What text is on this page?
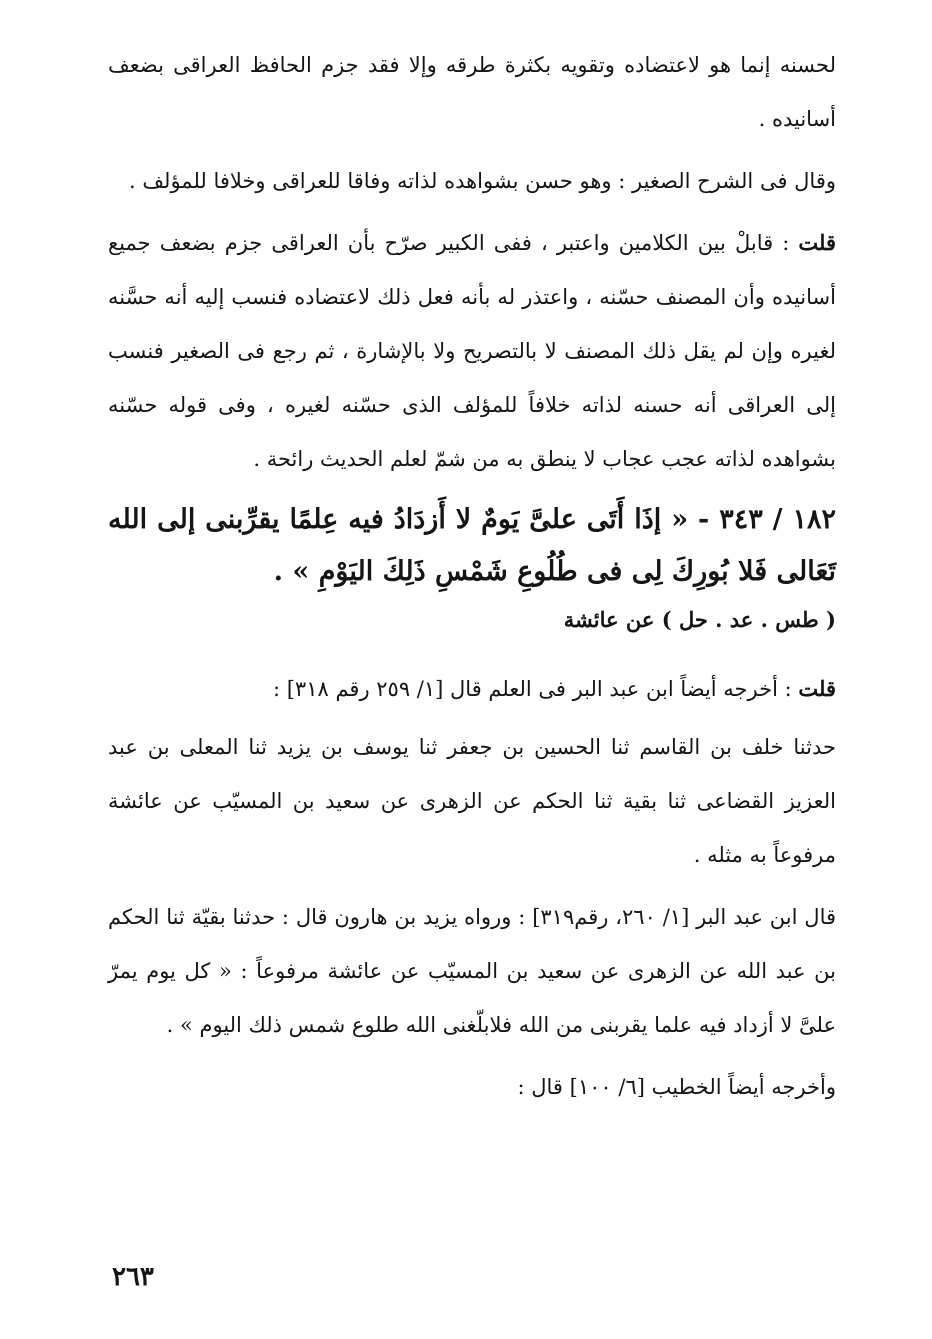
لحسنه إنما هو لاعتضاده وتقويه بكثرة طرقه وإلا فقد جزم الحافظ العراقى بضعف أسانيده .

وقال فى الشرح الصغير : وهو حسن بشواهده لذاته وفاقا للعراقى وخلافا للمؤلف .

قلت : قابلْ بين الكلامين واعتبر ، ففى الكبير صرّح بأن العراقى جزم بضعف جميع أسانيده وأن المصنف حسّنه ، واعتذر له بأنه فعل ذلك لاعتضاده فنسب إليه أنه حسَّنه لغيره وإن لم يقل ذلك المصنف لا بالتصريح ولا بالإشارة ، ثم رجع فى الصغير فنسب إلى العراقى أنه حسنه لذاته خلافاً للمؤلف الذى حسّنه لغيره ، وفى قوله حسّنه بشواهده لذاته عجب عجاب لا ينطق به من شمّ لعلم الحديث رائحة .

١٨٢ / ٣٤٣ - « إذَا أَتَى علىَّ يَومٌ لا أَزدَادُ فيه عِلمًا يقرِّبنى إلى الله تَعَالى فَلا بُورِكَ لِى فى طُلُوعِ شَمْسِ ذَلِكَ اليَوْمِ » .

( طس . عد . حل ) عن عائشة

قلت : أخرجه أيضاً ابن عبد البر فى العلم قال [١/ ٢٥٩ رقم ٣١٨] :

حدثنا خلف بن القاسم ثنا الحسين بن جعفر ثنا يوسف بن يزيد ثنا المعلى بن عبد العزيز القضاعى ثنا بقية ثنا الحكم عن الزهرى عن سعيد بن المسيّب عن عائشة مرفوعاً به مثله .

قال ابن عبد البر [١/ ٢٦٠، رقم٣١٩] : ورواه يزيد بن هارون قال : حدثنا بقيّة ثنا الحكم بن عبد الله عن الزهرى عن سعيد بن المسيّب عن عائشة مرفوعاً : « كل يوم يمرّ علىَّ لا أزداد فيه علما يقربنى من الله فلابلّغنى الله طلوع شمس ذلك اليوم » .

وأخرجه أيضاً الخطيب [٦/ ١٠٠] قال :

٢٦٣
